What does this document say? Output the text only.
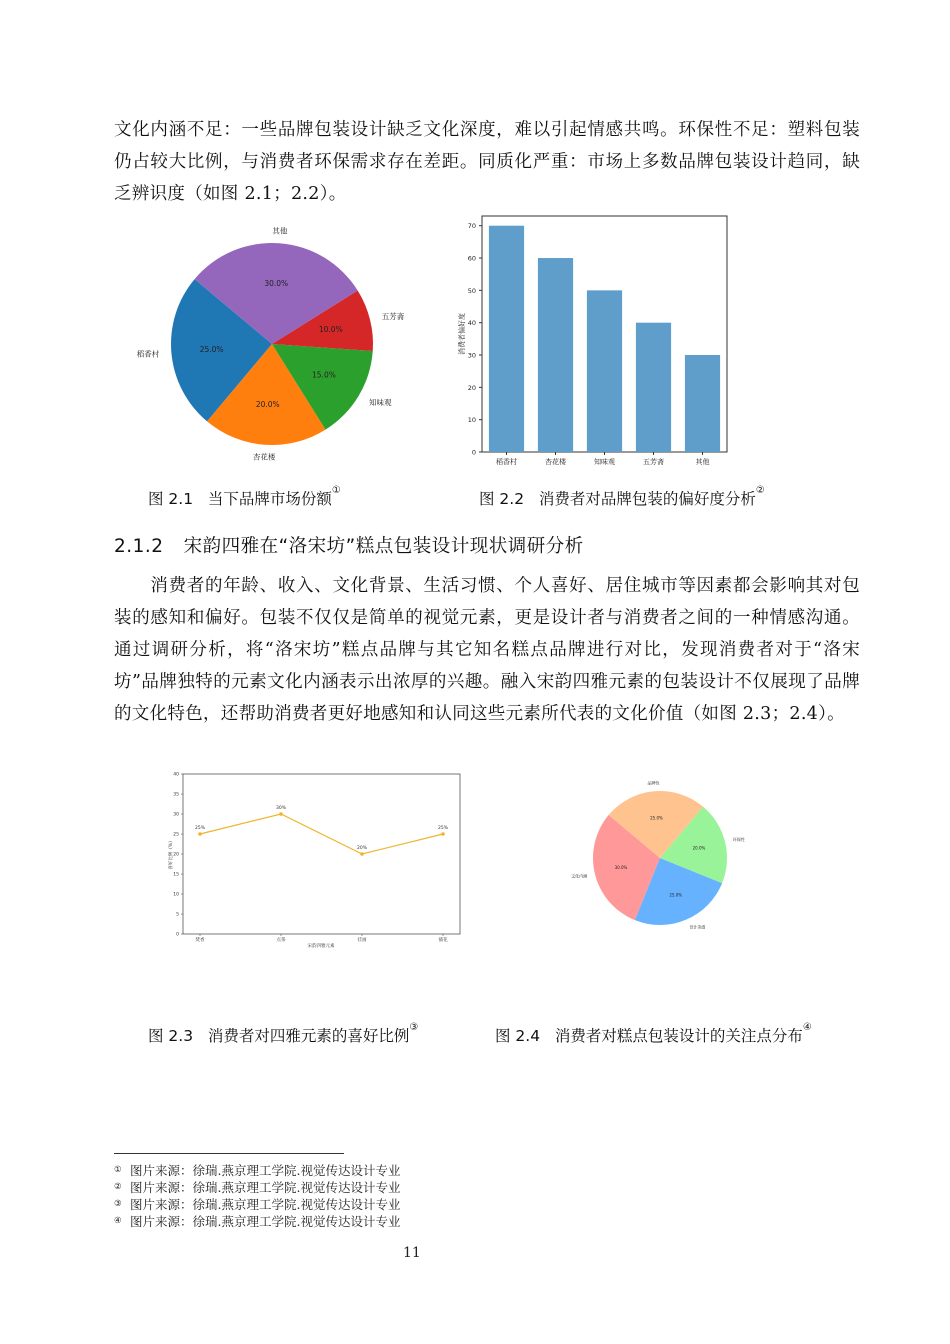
文化内涵不足：一些品牌包装设计缺乏文化深度，难以引起情感共鸣。环保性不足：塑料包装仍占较大比例，与消费者环保需求存在差距。同质化严重：市场上多数品牌包装设计趋同，缺乏辨识度（如图 2.1；2.2）。

25.0%
20.0%
15.0%
10.0%
30.0%
稻香村
杏花楼
知味观
五芳斋
其他
稻香村	杏花楼	知味观	五芳斋	其他
0
10
20
30
40
50
60
70
消费者偏好度
图 2.1 当下品牌市场份额①	图 2.2 消费者对品牌包装的偏好度分析②
2.1.2 宋韵四雅在“洛宋坊”糕点包装设计现状调研分析

消费者的年龄、收入、文化背景、生活习惯、个人喜好、居住城市等因素都会影响其对包装的感知和偏好。包装不仅仅是简单的视觉元素，更是设计者与消费者之间的一种情感沟通。通过调研分析，将“洛宋坊”糕点品牌与其它知名糕点品牌进行对比，发现消费者对于“洛宋坊”品牌独特的元素文化内涵表示出浓厚的兴趣。融入宋韵四雅元素的包装设计不仅展现了品牌的文化特色，还帮助消费者更好地感知和认同这些元素所代表的文化价值（如图 2.3；2.4）。

25%
焚香
30%
点茶
20%
挂画
25%
插花
0
5
10
15
20
25
30
35
40
喜好比例（%）
宋韵四雅元素
30.0%
25.0%
20.0%
25.0%
文化内涵
设计美感
环保性
品牌性
图 2.3 消费者对四雅元素的喜好比例③	图 2.4 消费者对糕点包装设计的关注点分布④
① 图片来源：徐瑞.燕京理工学院.视觉传达设计专业
② 图片来源：徐瑞.燕京理工学院.视觉传达设计专业
③ 图片来源：徐瑞.燕京理工学院.视觉传达设计专业
④ 图片来源：徐瑞.燕京理工学院.视觉传达设计专业
11
